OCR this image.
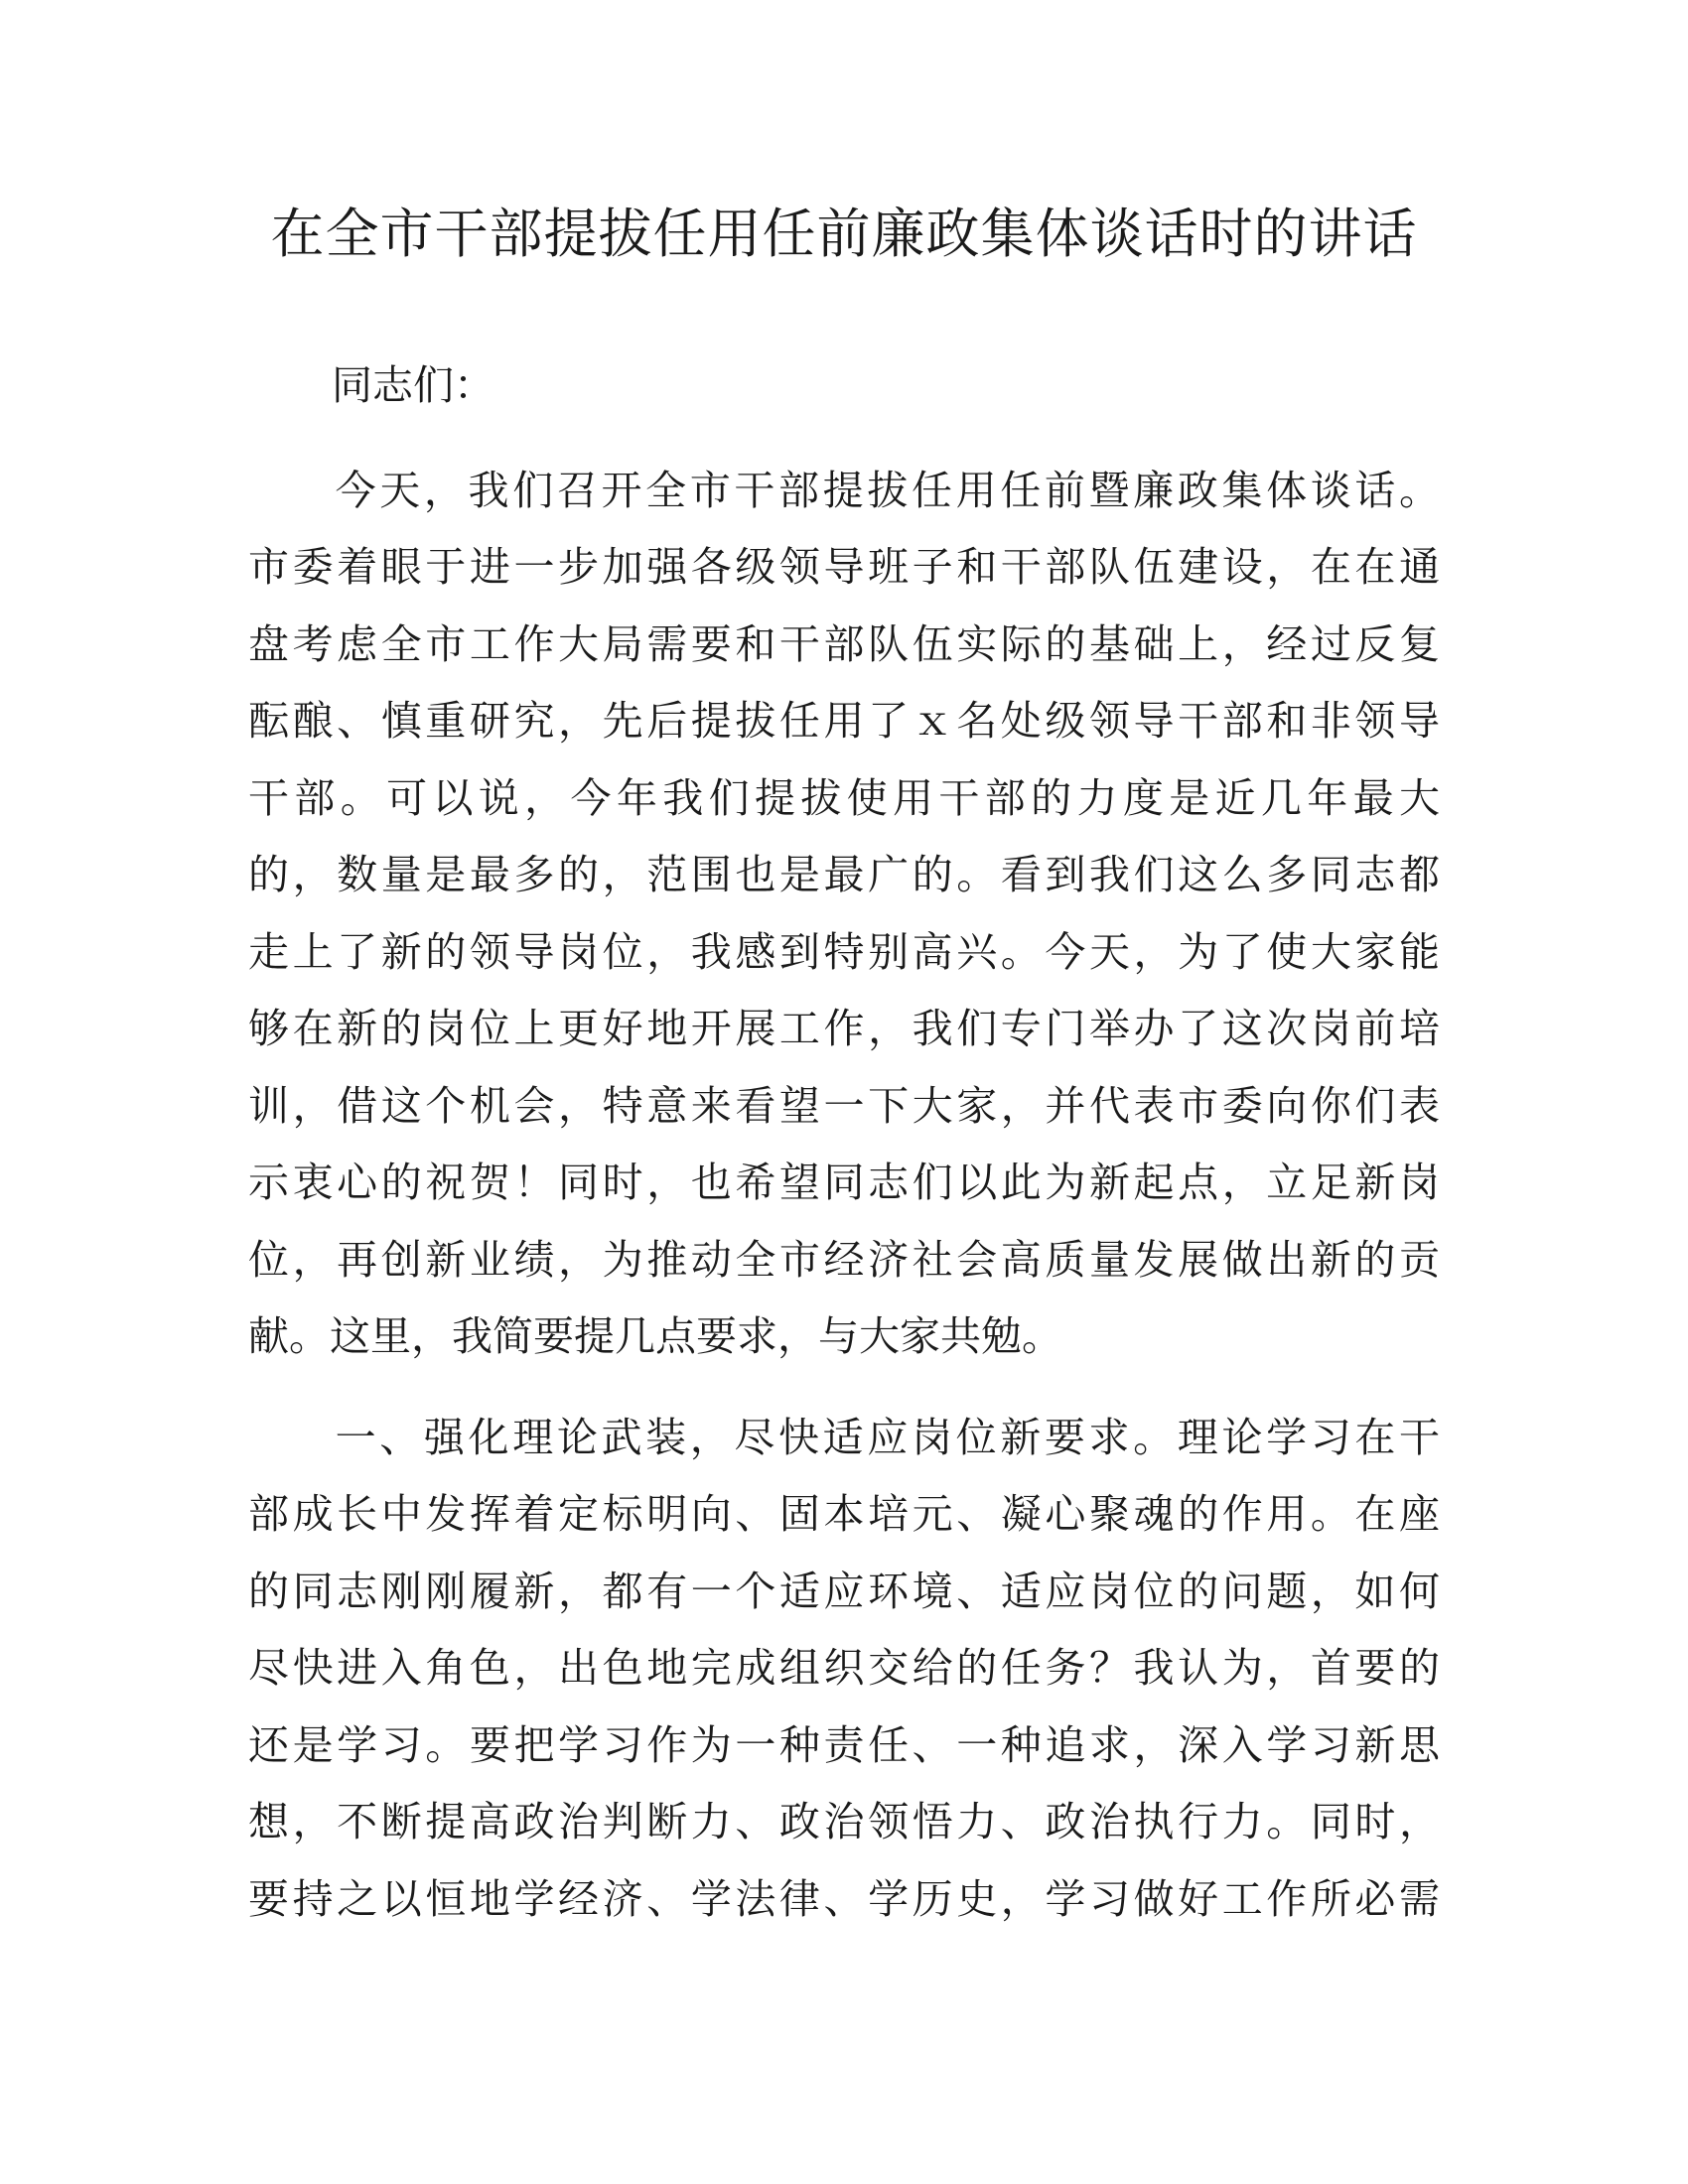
在全市干部提拔任用任前廉政集体谈话时的讲话

同志们：

今天，我们召开全市干部提拔任用任前暨廉政集体谈话。
市委着眼于进一步加强各级领导班子和干部队伍建设，在在通
盘考虑全市工作大局需要和干部队伍实际的基础上，经过反复
酝酿、慎重研究，先后提拔任用了ｘ名处级领导干部和非领导
干部。可以说，今年我们提拔使用干部的力度是近几年最大
的，数量是最多的，范围也是最广的。看到我们这么多同志都
走上了新的领导岗位，我感到特别高兴。今天，为了使大家能
够在新的岗位上更好地开展工作，我们专门举办了这次岗前培
训，借这个机会，特意来看望一下大家，并代表市委向你们表
示衷心的祝贺！同时，也希望同志们以此为新起点，立足新岗
位，再创新业绩，为推动全市经济社会高质量发展做出新的贡
献。这里，我简要提几点要求，与大家共勉。

一、强化理论武装，尽快适应岗位新要求。理论学习在干
部成长中发挥着定标明向、固本培元、凝心聚魂的作用。在座
的同志刚刚履新，都有一个适应环境、适应岗位的问题，如何
尽快进入角色，出色地完成组织交给的任务？我认为，首要的
还是学习。要把学习作为一种责任、一种追求，深入学习新思
想，不断提高政治判断力、政治领悟力、政治执行力。同时，
要持之以恒地学经济、学法律、学历史，学习做好工作所必需
